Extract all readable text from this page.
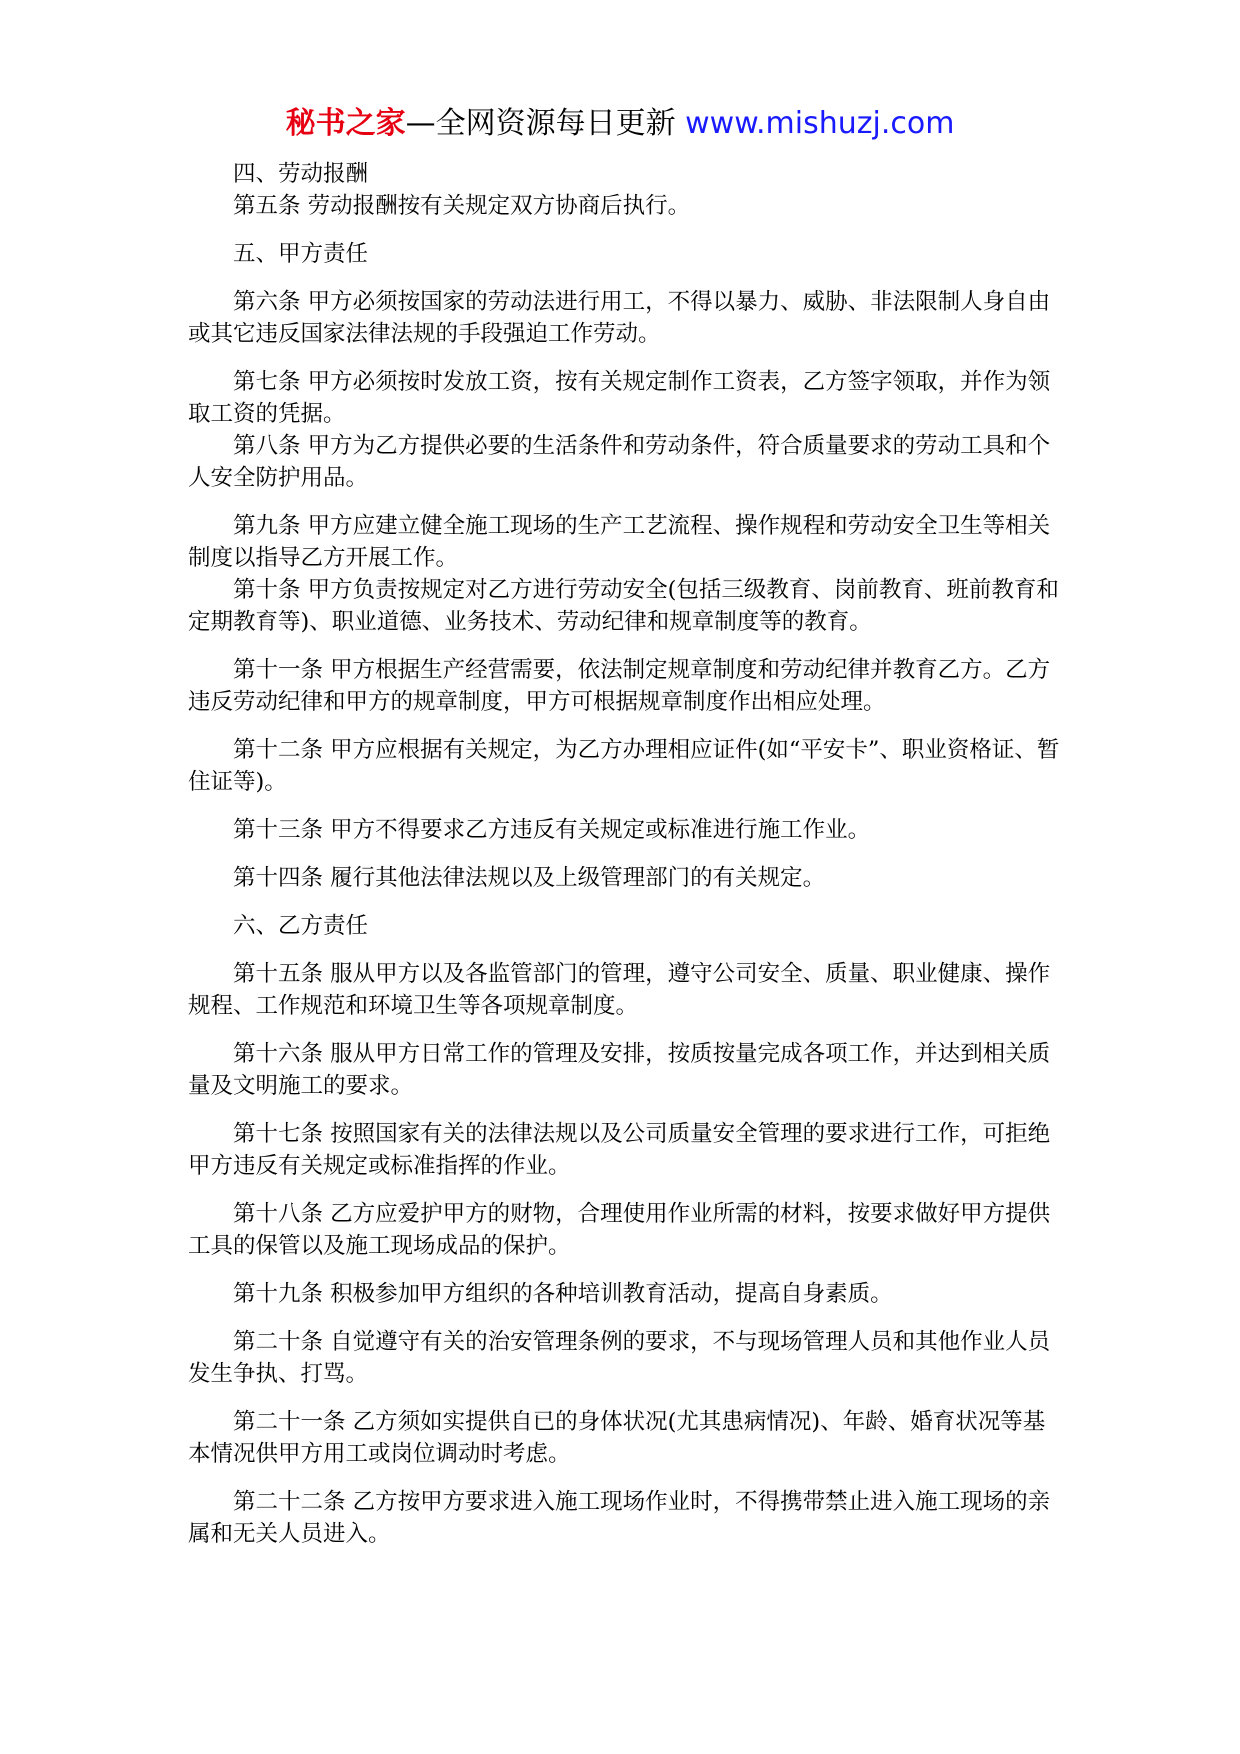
秘书之家—全网资源每日更新 www.mishuzj.com

四、劳动报酬

第五条 劳动报酬按有关规定双方协商后执行。

五、甲方责任

第六条 甲方必须按国家的劳动法进行用工，不得以暴力、威胁、非法限制人身自由或其它违反国家法律法规的手段强迫工作劳动。

第七条 甲方必须按时发放工资，按有关规定制作工资表，乙方签字领取，并作为领取工资的凭据。

第八条 甲方为乙方提供必要的生活条件和劳动条件，符合质量要求的劳动工具和个人安全防护用品。

第九条 甲方应建立健全施工现场的生产工艺流程、操作规程和劳动安全卫生等相关制度以指导乙方开展工作。

第十条 甲方负责按规定对乙方进行劳动安全(包括三级教育、岗前教育、班前教育和定期教育等)、职业道德、业务技术、劳动纪律和规章制度等的教育。

第十一条 甲方根据生产经营需要，依法制定规章制度和劳动纪律并教育乙方。乙方违反劳动纪律和甲方的规章制度，甲方可根据规章制度作出相应处理。

第十二条 甲方应根据有关规定，为乙方办理相应证件(如“平安卡”、职业资格证、暂住证等)。

第十三条 甲方不得要求乙方违反有关规定或标准进行施工作业。

第十四条 履行其他法律法规以及上级管理部门的有关规定。

六、乙方责任

第十五条 服从甲方以及各监管部门的管理，遵守公司安全、质量、职业健康、操作规程、工作规范和环境卫生等各项规章制度。

第十六条 服从甲方日常工作的管理及安排，按质按量完成各项工作，并达到相关质量及文明施工的要求。

第十七条 按照国家有关的法律法规以及公司质量安全管理的要求进行工作，可拒绝甲方违反有关规定或标准指挥的作业。

第十八条 乙方应爱护甲方的财物，合理使用作业所需的材料，按要求做好甲方提供工具的保管以及施工现场成品的保护。

第十九条 积极参加甲方组织的各种培训教育活动，提高自身素质。

第二十条 自觉遵守有关的治安管理条例的要求，不与现场管理人员和其他作业人员发生争执、打骂。

第二十一条 乙方须如实提供自已的身体状况(尤其患病情况)、年龄、婚育状况等基本情况供甲方用工或岗位调动时考虑。

第二十二条 乙方按甲方要求进入施工现场作业时，不得携带禁止进入施工现场的亲属和无关人员进入。
